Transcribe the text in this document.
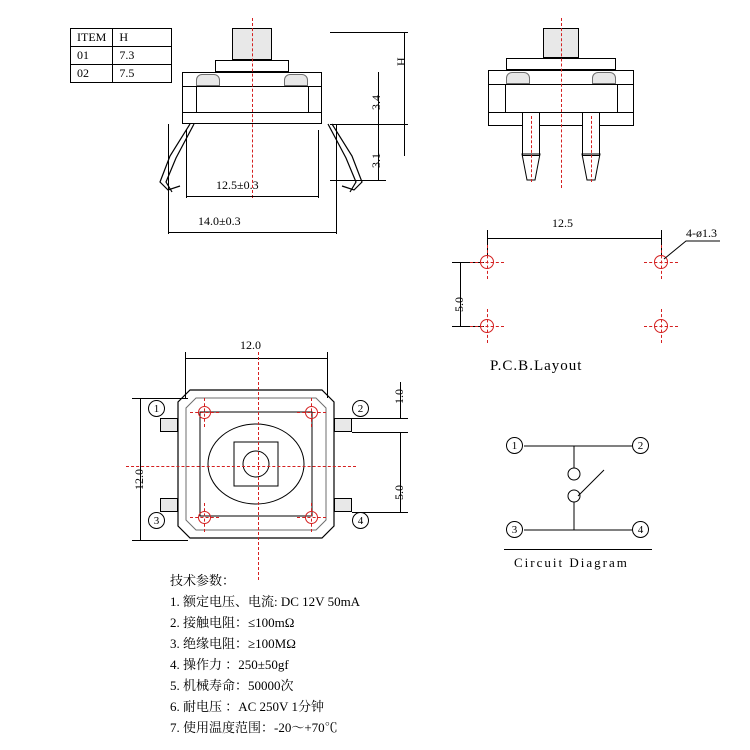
ITEM	H
01	7.3
02	7.5
H
3.4
3.1
12.5±0.3
14.0±0.3	12.5
5.0
4-ø1.3
P.C.B.Layout
12.0
12.0
1	2
3	4
1.0
5.0
1	2
3	4
Circuit Diagram
技术参数：
1. 额定电压、电流: DC 12V 50mA
2. 接触电阻：≤100mΩ
3. 绝缘电阻：≥100MΩ
4. 操作力 ：250±50gf
5. 机械寿命：50000次
6. 耐电压 ：AC 250V 1分钟
7. 使用温度范围：-20～+70℃
